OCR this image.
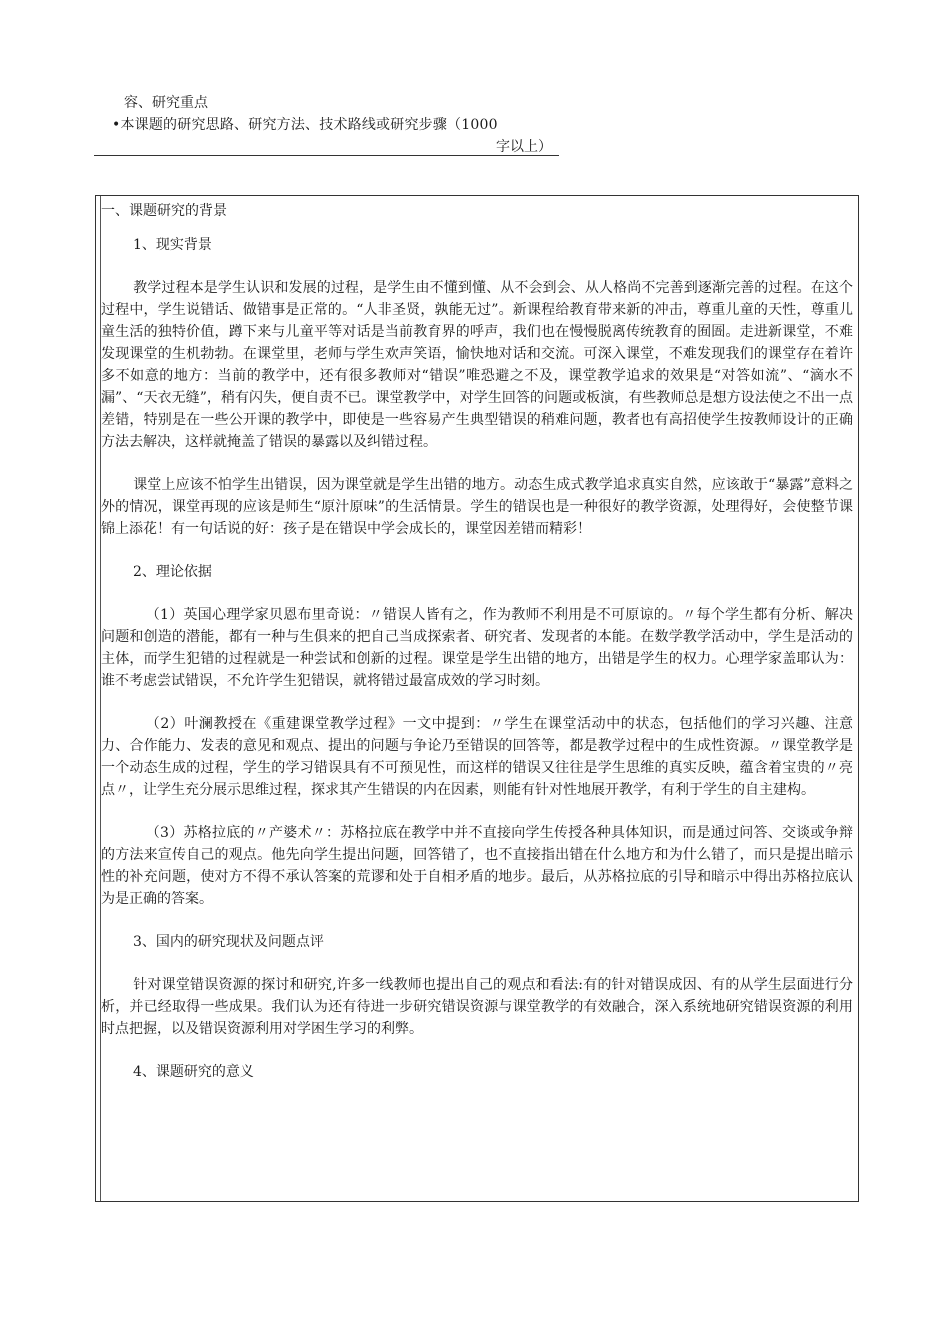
容、研究重点
•本课题的研究思路、研究方法、技术路线或研究步骤（1000
字以上）
一、课题研究的背景
1、现实背景

教学过程本是学生认识和发展的过程，是学生由不懂到懂、从不会到会、从人格尚不完善到逐渐完善的过程。在这个过程中，学生说错话、做错事是正常的。“人非圣贤，孰能无过”。新课程给教育带来新的冲击，尊重儿童的天性，尊重儿童生活的独特价值，蹲下来与儿童平等对话是当前教育界的呼声，我们也在慢慢脱离传统教育的囿圄。走进新课堂，不难发现课堂的生机勃勃。在课堂里，老师与学生欢声笑语，愉快地对话和交流。可深入课堂，不难发现我们的课堂存在着许多不如意的地方：当前的教学中，还有很多教师对“错误”唯恐避之不及，课堂教学追求的效果是“对答如流”、“滴水不漏”、“天衣无缝”，稍有闪失，便自责不已。课堂教学中，对学生回答的问题或板演，有些教师总是想方设法使之不出一点差错，特别是在一些公开课的教学中，即使是一些容易产生典型错误的稍难问题，教者也有高招使学生按教师设计的正确方法去解决，这样就掩盖了错误的暴露以及纠错过程。

课堂上应该不怕学生出错误，因为课堂就是学生出错的地方。动态生成式教学追求真实自然，应该敢于“暴露”意料之外的情况，课堂再现的应该是师生“原汁原味”的生活情景。学生的错误也是一种很好的教学资源，处理得好，会使整节课锦上添花！有一句话说的好：孩子是在错误中学会成长的，课堂因差错而精彩！

2、理论依据

（1）英国心理学家贝恩布里奇说：〃错误人皆有之，作为教师不利用是不可原谅的。〃每个学生都有分析、解决问题和创造的潜能，都有一种与生俱来的把自己当成探索者、研究者、发现者的本能。在数学教学活动中，学生是活动的主体，而学生犯错的过程就是一种尝试和创新的过程。课堂是学生出错的地方，出错是学生的权力。心理学家盖耶认为：谁不考虑尝试错误，不允许学生犯错误，就将错过最富成效的学习时刻。

（2）叶澜教授在《重建课堂教学过程》一文中提到：〃学生在课堂活动中的状态，包括他们的学习兴趣、注意力、合作能力、发表的意见和观点、提出的问题与争论乃至错误的回答等，都是教学过程中的生成性资源。〃课堂教学是一个动态生成的过程，学生的学习错误具有不可预见性，而这样的错误又往往是学生思维的真实反映，蕴含着宝贵的〃亮点〃，让学生充分展示思维过程，探求其产生错误的内在因素，则能有针对性地展开教学，有利于学生的自主建构。

（3）苏格拉底的〃产婆术〃：苏格拉底在教学中并不直接向学生传授各种具体知识，而是通过问答、交谈或争辩的方法来宣传自己的观点。他先向学生提出问题，回答错了，也不直接指出错在什么地方和为什么错了，而只是提出暗示性的补充问题，使对方不得不承认答案的荒谬和处于自相矛盾的地步。最后，从苏格拉底的引导和暗示中得出苏格拉底认为是正确的答案。

3、国内的研究现状及问题点评

针对课堂错误资源的探讨和研究,许多一线教师也提出自己的观点和看法:有的针对错误成因、有的从学生层面进行分析，并已经取得一些成果。我们认为还有待进一步研究错误资源与课堂教学的有效融合，深入系统地研究错误资源的利用时点把握，以及错误资源利用对学困生学习的利弊。

4、课题研究的意义
